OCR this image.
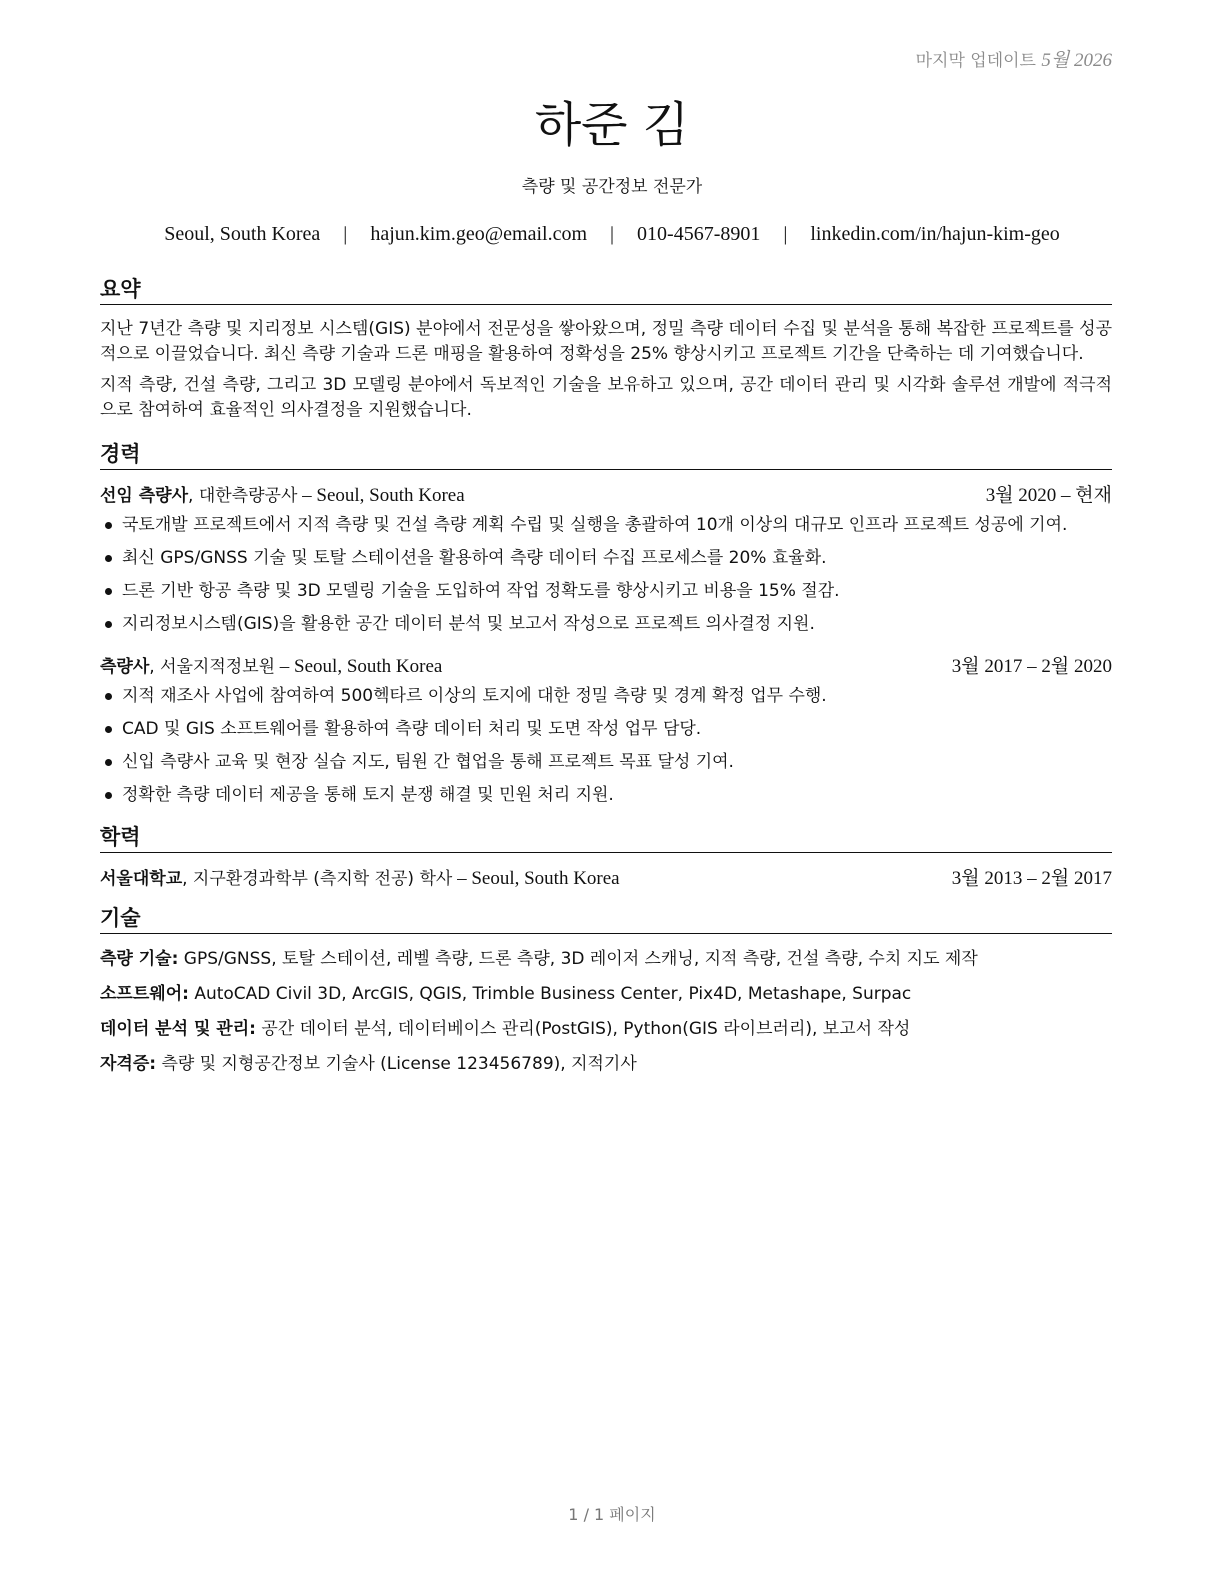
마지막 업데이트 5월 2026
하준 김
측량 및 공간정보 전문가
Seoul, South Korea | hajun.kim.geo@email.com | 010-4567-8901 | linkedin.com/in/hajun-kim-geo
요약

지난 7년간 측량 및 지리정보 시스템(GIS) 분야에서 전문성을 쌓아왔으며, 정밀 측량 데이터 수집 및 분석을 통해 복잡한 프로젝트를 성공적으로 이끌었습니다. 최신 측량 기술과 드론 매핑을 활용하여 정확성을 25% 향상시키고 프로젝트 기간을 단축하는 데 기여했습니다.

지적 측량, 건설 측량, 그리고 3D 모델링 분야에서 독보적인 기술을 보유하고 있으며, 공간 데이터 관리 및 시각화 솔루션 개발에 적극적으로 참여하여 효율적인 의사결정을 지원했습니다.

경력
선임 측량사, 대한측량공사 – Seoul, South Korea	3월 2020 – 현재
국토개발 프로젝트에서 지적 측량 및 건설 측량 계획 수립 및 실행을 총괄하여 10개 이상의 대규모 인프라 프로젝트 성공에 기여.
최신 GPS/GNSS 기술 및 토탈 스테이션을 활용하여 측량 데이터 수집 프로세스를 20% 효율화.
드론 기반 항공 측량 및 3D 모델링 기술을 도입하여 작업 정확도를 향상시키고 비용을 15% 절감.
지리정보시스템(GIS)을 활용한 공간 데이터 분석 및 보고서 작성으로 프로젝트 의사결정 지원.
측량사, 서울지적정보원 – Seoul, South Korea	3월 2017 – 2월 2020
지적 재조사 사업에 참여하여 500헥타르 이상의 토지에 대한 정밀 측량 및 경계 확정 업무 수행.
CAD 및 GIS 소프트웨어를 활용하여 측량 데이터 처리 및 도면 작성 업무 담당.
신입 측량사 교육 및 현장 실습 지도, 팀원 간 협업을 통해 프로젝트 목표 달성 기여.
정확한 측량 데이터 제공을 통해 토지 분쟁 해결 및 민원 처리 지원.
학력
서울대학교, 지구환경과학부 (측지학 전공) 학사 – Seoul, South Korea	3월 2013 – 2월 2017
기술
측량 기술: GPS/GNSS, 토탈 스테이션, 레벨 측량, 드론 측량, 3D 레이저 스캐닝, 지적 측량, 건설 측량, 수치 지도 제작
소프트웨어: AutoCAD Civil 3D, ArcGIS, QGIS, Trimble Business Center, Pix4D, Metashape, Surpac
데이터 분석 및 관리: 공간 데이터 분석, 데이터베이스 관리(PostGIS), Python(GIS 라이브러리), 보고서 작성
자격증: 측량 및 지형공간정보 기술사 (License 123456789), 지적기사
1 / 1 페이지
